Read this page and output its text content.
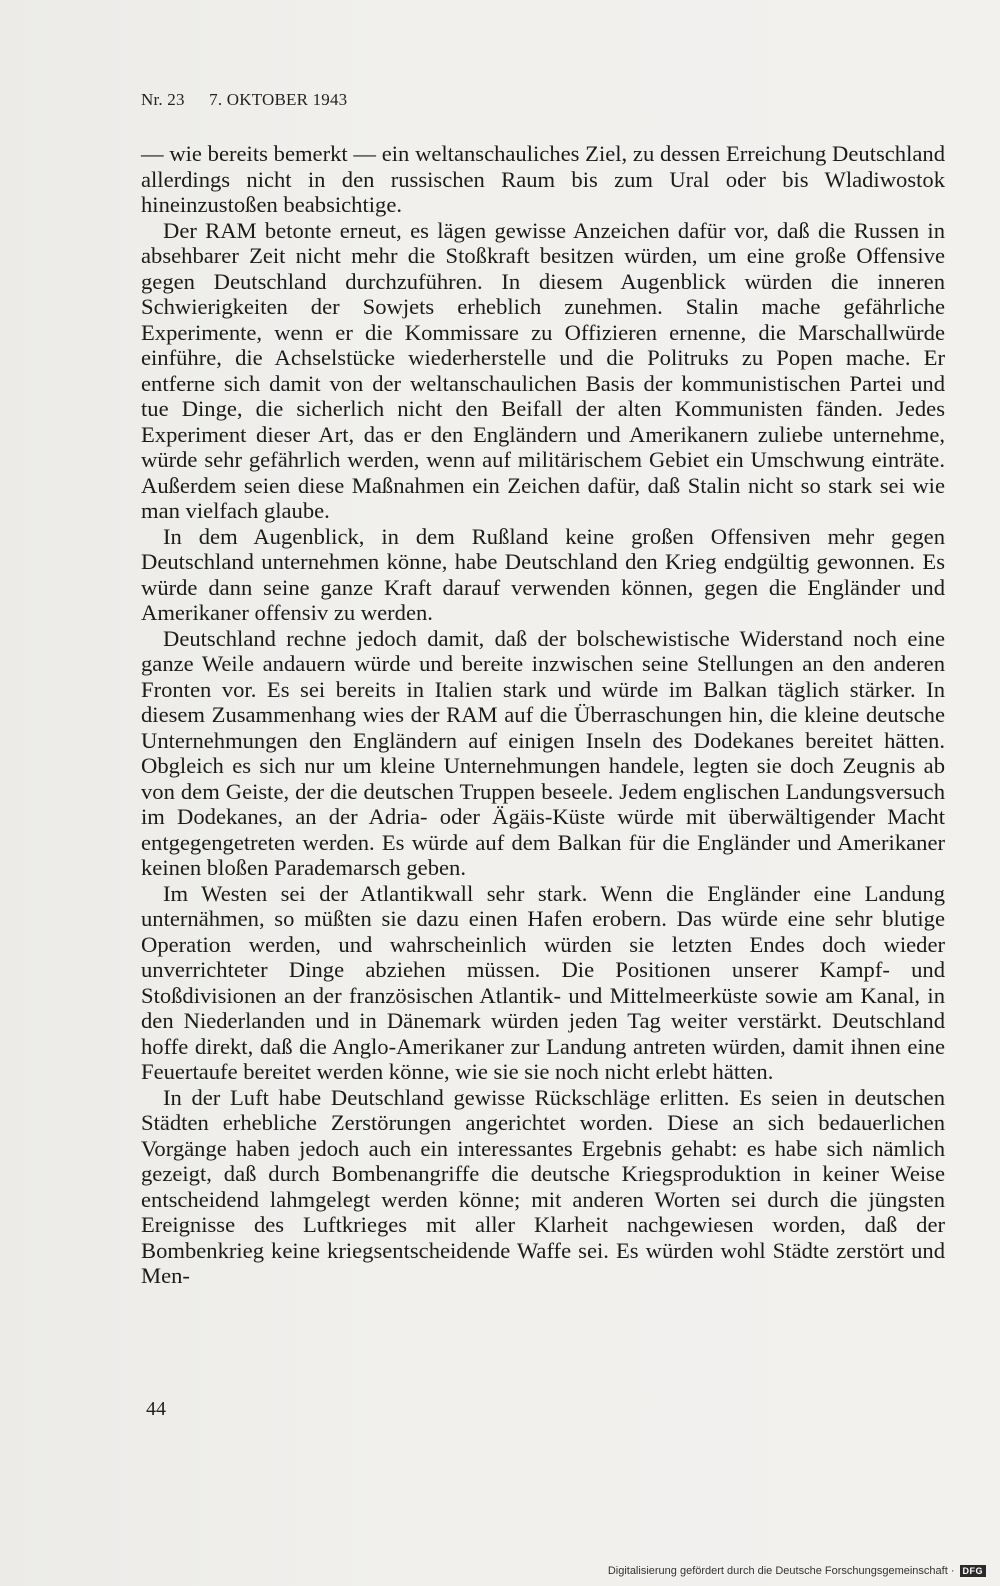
Nr. 23 7. OKTOBER 1943

— wie bereits bemerkt — ein weltanschauliches Ziel, zu dessen Erreichung Deutschland allerdings nicht in den russischen Raum bis zum Ural oder bis Wladiwostok hineinzustoßen beabsichtige.

Der RAM betonte erneut, es lägen gewisse Anzeichen dafür vor, daß die Russen in absehbarer Zeit nicht mehr die Stoßkraft besitzen würden, um eine große Offensive gegen Deutschland durchzuführen. In diesem Augenblick würden die inneren Schwierigkeiten der Sowjets erheblich zunehmen. Stalin mache gefährliche Experimente, wenn er die Kommissare zu Offizieren ernenne, die Marschallwürde einführe, die Achselstücke wiederherstelle und die Politruks zu Popen mache. Er entferne sich damit von der weltanschaulichen Basis der kommunistischen Partei und tue Dinge, die sicherlich nicht den Beifall der alten Kommunisten fänden. Jedes Experiment dieser Art, das er den Engländern und Amerikanern zuliebe unternehme, würde sehr gefährlich werden, wenn auf militärischem Gebiet ein Umschwung einträte. Außerdem seien diese Maßnahmen ein Zeichen dafür, daß Stalin nicht so stark sei wie man vielfach glaube.

In dem Augenblick, in dem Rußland keine großen Offensiven mehr gegen Deutschland unternehmen könne, habe Deutschland den Krieg endgültig gewonnen. Es würde dann seine ganze Kraft darauf verwenden können, gegen die Engländer und Amerikaner offensiv zu werden.

Deutschland rechne jedoch damit, daß der bolschewistische Widerstand noch eine ganze Weile andauern würde und bereite inzwischen seine Stellungen an den anderen Fronten vor. Es sei bereits in Italien stark und würde im Balkan täglich stärker. In diesem Zusammenhang wies der RAM auf die Überraschungen hin, die kleine deutsche Unternehmungen den Engländern auf einigen Inseln des Dodekanes bereitet hätten. Obgleich es sich nur um kleine Unternehmungen handele, legten sie doch Zeugnis ab von dem Geiste, der die deutschen Truppen beseele. Jedem englischen Landungsversuch im Dodekanes, an der Adria- oder Ägäis-Küste würde mit überwältigender Macht entgegengetreten werden. Es würde auf dem Balkan für die Engländer und Amerikaner keinen bloßen Parademarsch geben.

Im Westen sei der Atlantikwall sehr stark. Wenn die Engländer eine Landung unternähmen, so müßten sie dazu einen Hafen erobern. Das würde eine sehr blutige Operation werden, und wahrscheinlich würden sie letzten Endes doch wieder unverrichteter Dinge abziehen müssen. Die Positionen unserer Kampf- und Stoßdivisionen an der französischen Atlantik- und Mittelmeerküste sowie am Kanal, in den Niederlanden und in Dänemark würden jeden Tag weiter verstärkt. Deutschland hoffe direkt, daß die Anglo-Amerikaner zur Landung antreten würden, damit ihnen eine Feuertaufe bereitet werden könne, wie sie sie noch nicht erlebt hätten.

In der Luft habe Deutschland gewisse Rückschläge erlitten. Es seien in deutschen Städten erhebliche Zerstörungen angerichtet worden. Diese an sich bedauerlichen Vorgänge haben jedoch auch ein interessantes Ergebnis gehabt: es habe sich nämlich gezeigt, daß durch Bombenangriffe die deutsche Kriegsproduktion in keiner Weise entscheidend lahmgelegt werden könne; mit anderen Worten sei durch die jüngsten Ereignisse des Luftkrieges mit aller Klarheit nachgewiesen worden, daß der Bombenkrieg keine kriegsentscheidende Waffe sei. Es würden wohl Städte zerstört und Men-

44
Digitalisierung gefördert durch die Deutsche Forschungsgemeinschaft · DFG
